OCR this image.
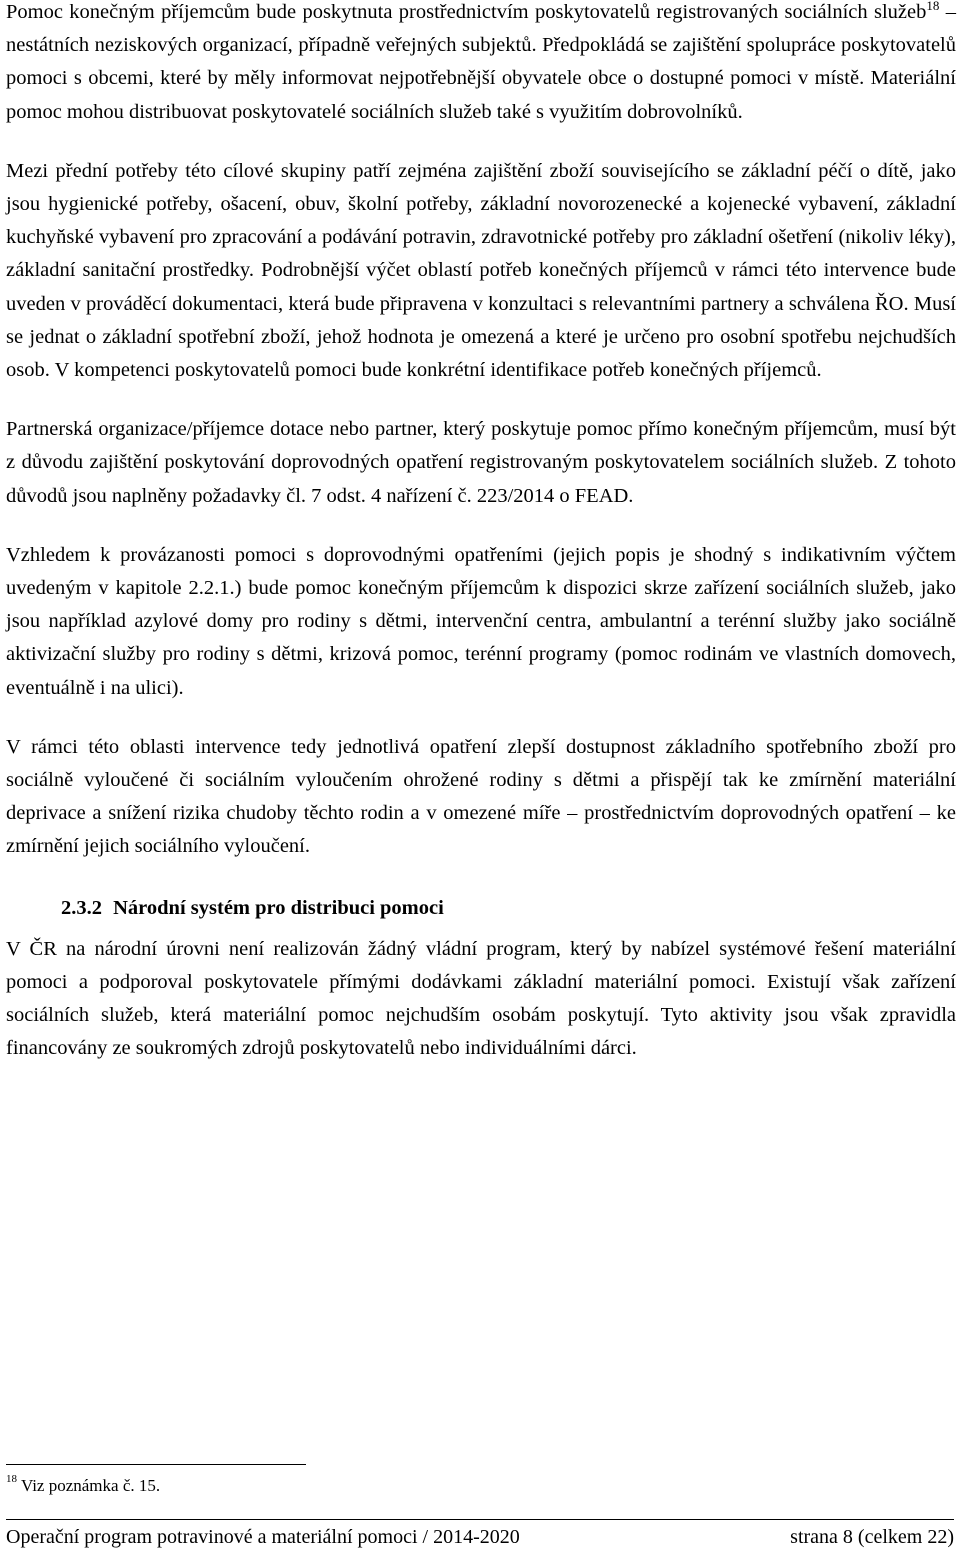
Pomoc konečným příjemcům bude poskytnuta prostřednictvím poskytovatelů registrovaných sociálních služeb$^{18}$ – nestátních neziskových organizací, případně veřejných subjektů. Předpokládá se zajištění spolupráce poskytovatelů pomoci s obcemi, které by měly informovat nejpotřebnější obyvatele obce o dostupné pomoci v místě. Materiální pomoc mohou distribuovat poskytovatelé sociálních služeb také s využitím dobrovolníků.

Mezi přední potřeby této cílové skupiny patří zejména zajištění zboží souvisejícího se základní péčí o dítě, jako jsou hygienické potřeby, ošacení, obuv, školní potřeby, základní novorozenecké a kojenecké vybavení, základní kuchyňské vybavení pro zpracování a podávání potravin, zdravotnické potřeby pro základní ošetření (nikoliv léky), základní sanitační prostředky. Podrobnější výčet oblastí potřeb konečných příjemců v rámci této intervence bude uveden v prováděcí dokumentaci, která bude připravena v konzultaci s relevantními partnery a schválena ŘO. Musí se jednat o základní spotřební zboží, jehož hodnota je omezená a které je určeno pro osobní spotřebu nejchudších osob. V kompetenci poskytovatelů pomoci bude konkrétní identifikace potřeb konečných příjemců.

Partnerská organizace/příjemce dotace nebo partner, který poskytuje pomoc přímo konečným příjemcům, musí být z důvodu zajištění poskytování doprovodných opatření registrovaným poskytovatelem sociálních služeb. Z tohoto důvodů jsou naplněny požadavky čl. 7 odst. 4 nařízení č. 223/2014 o FEAD.

Vzhledem k provázanosti pomoci s doprovodnými opatřeními (jejich popis je shodný s indikativním výčtem uvedeným v kapitole 2.2.1.) bude pomoc konečným příjemcům k dispozici skrze zařízení sociálních služeb, jako jsou například azylové domy pro rodiny s dětmi, intervenční centra, ambulantní a terénní služby jako sociálně aktivizační služby pro rodiny s dětmi, krizová pomoc, terénní programy (pomoc rodinám ve vlastních domovech, eventuálně i na ulici).

V rámci této oblasti intervence tedy jednotlivá opatření zlepší dostupnost základního spotřebního zboží pro sociálně vyloučené či sociálním vyloučením ohrožené rodiny s dětmi a přispějí tak ke zmírnění materiální deprivace a snížení rizika chudoby těchto rodin a v omezené míře – prostřednictvím doprovodných opatření – ke zmírnění jejich sociálního vyloučení.

2.3.2 Národní systém pro distribuci pomoci

V ČR na národní úrovni není realizován žádný vládní program, který by nabízel systémové řešení materiální pomoci a podporoval poskytovatele přímými dodávkami základní materiální pomoci. Existují však zařízení sociálních služeb, která materiální pomoc nejchudším osobám poskytují. Tyto aktivity jsou však zpravidla financovány ze soukromých zdrojů poskytovatelů nebo individuálními dárci.

$^{18}$ Viz poznámka č. 15.
Operační program potravinové a materiální pomoci / 2014-2020	strana 8 (celkem 22)
